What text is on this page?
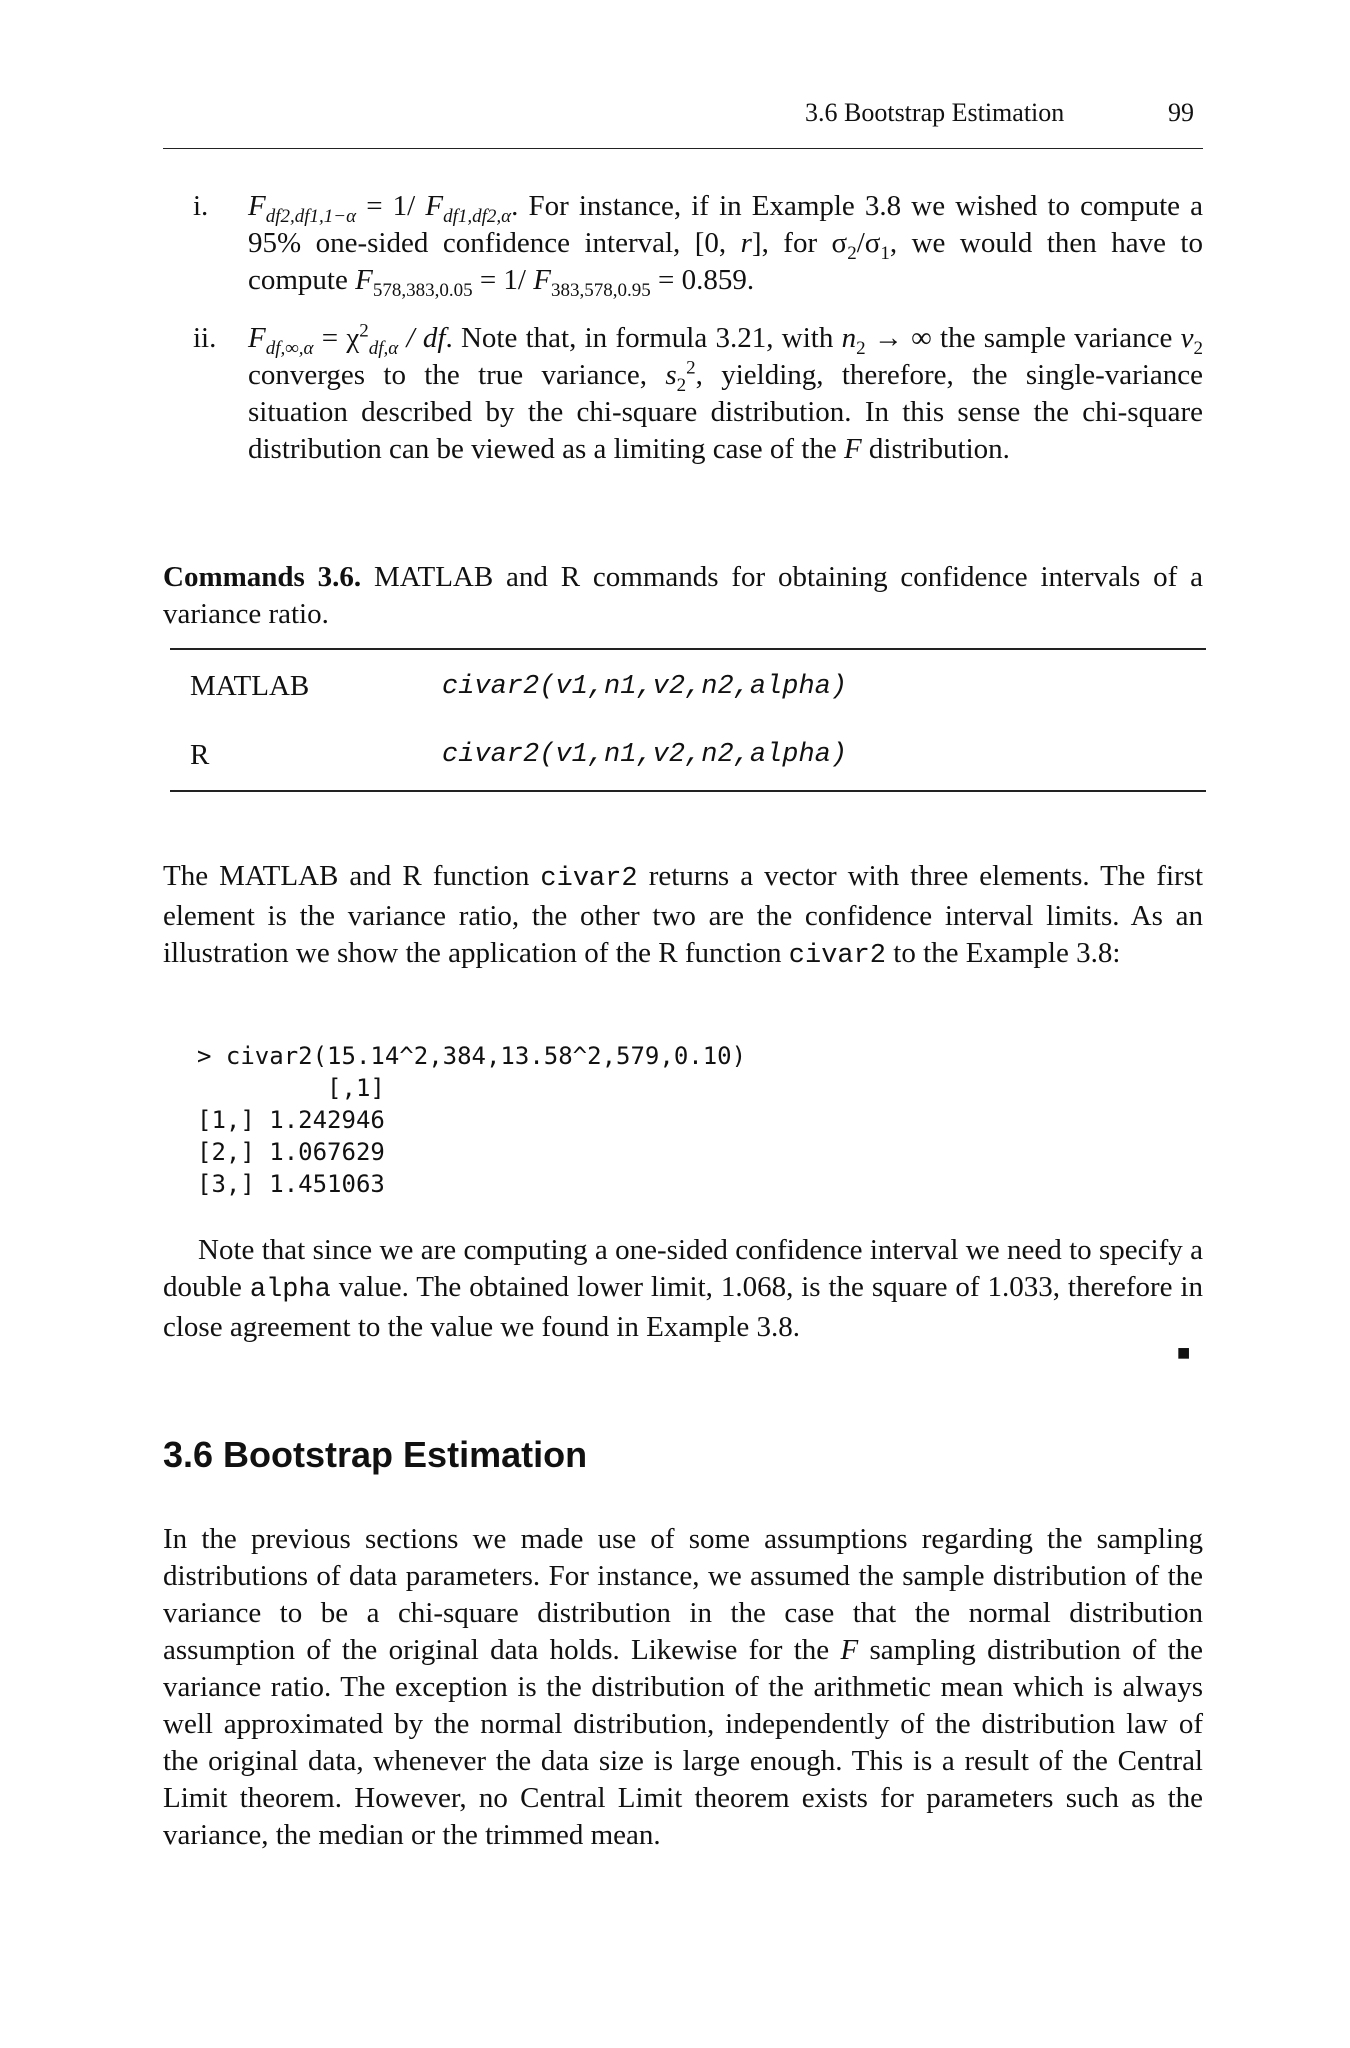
3.6 Bootstrap Estimation	99
i. $F_{df2,df1,1-\alpha} = 1/$ $F_{df1,df2,\alpha}$. For instance, if in Example 3.8 we wished to compute a 95% one-sided confidence interval, [0, r], for $\sigma_2/\sigma_1$, we would then have to compute $F_{578,383,0.05} = 1/$ $F_{383,578,0.95} = 0.859$.
ii. $F_{df,\infty,\alpha} = \chi^2_{df,\alpha}$ / df. Note that, in formula 3.21, with $n_2$ → ∞ the sample variance $v_2$ converges to the true variance, $s_2^2$, yielding, therefore, the single-variance situation described by the chi-square distribution. In this sense the chi-square distribution can be viewed as a limiting case of the F distribution.
Commands 3.6. MATLAB and R commands for obtaining confidence intervals of a variance ratio.
MATLAB	civar2(v1,n1,v2,n2,alpha)
R	civar2(v1,n1,v2,n2,alpha)
The MATLAB and R function civar2 returns a vector with three elements. The first element is the variance ratio, the other two are the confidence interval limits. As an illustration we show the application of the R function civar2 to the Example 3.8:
> civar2(15.14^2,384,13.58^2,579,0.10)
[,1]
[1,] 1.242946
[2,] 1.067629
[3,] 1.451063
Note that since we are computing a one-sided confidence interval we need to specify a double alpha value. The obtained lower limit, 1.068, is the square of 1.033, therefore in close agreement to the value we found in Example 3.8.
■
3.6 Bootstrap Estimation
In the previous sections we made use of some assumptions regarding the sampling distributions of data parameters. For instance, we assumed the sample distribution of the variance to be a chi-square distribution in the case that the normal distribution assumption of the original data holds. Likewise for the F sampling distribution of the variance ratio. The exception is the distribution of the arithmetic mean which is always well approximated by the normal distribution, independently of the distribution law of the original data, whenever the data size is large enough. This is a result of the Central Limit theorem. However, no Central Limit theorem exists for parameters such as the variance, the median or the trimmed mean.
